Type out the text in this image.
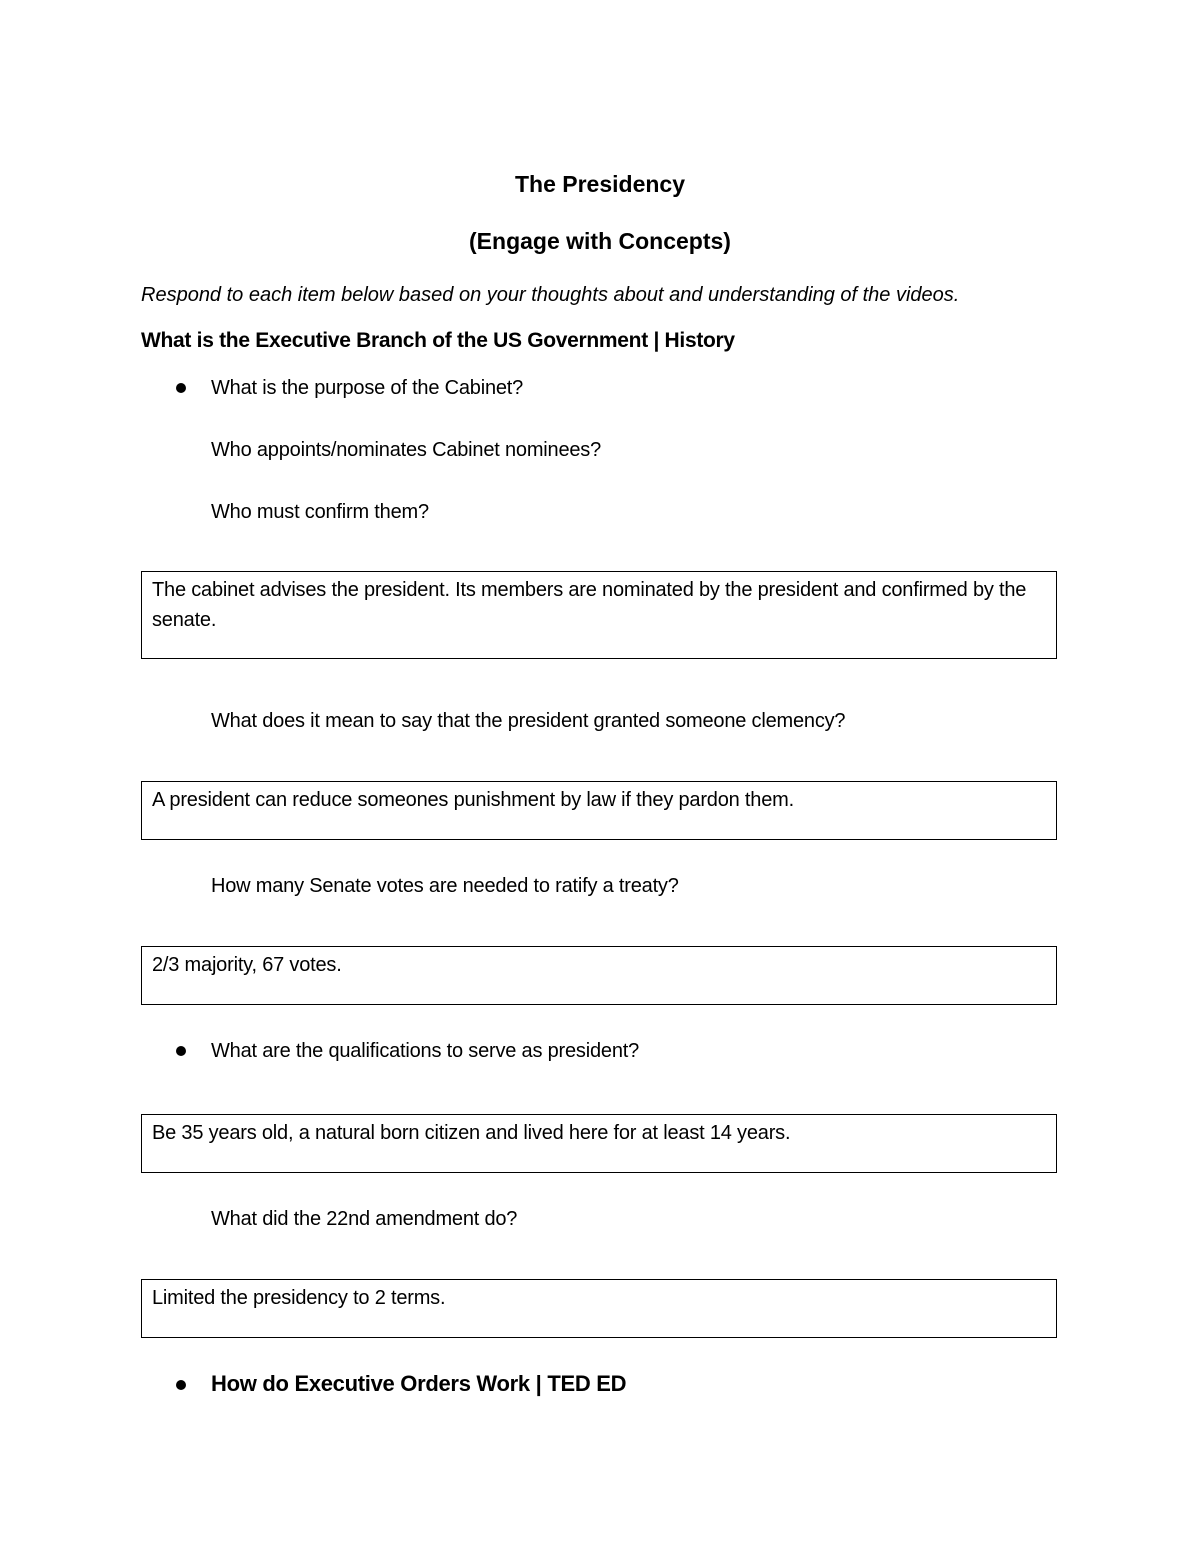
The Presidency
(Engage with Concepts)
Respond to each item below based on your thoughts about and understanding of the videos.
What is the Executive Branch of the US Government | History
What is the purpose of the Cabinet?
Who appoints/nominates Cabinet nominees?
Who must confirm them?
The cabinet advises the president. Its members are nominated by the president and confirmed by the senate.
What does it mean to say that the president granted someone clemency?
A president can reduce someones punishment by law if they pardon them.
How many Senate votes are needed to ratify a treaty?
2/3 majority, 67 votes.
What are the qualifications to serve as president?
Be 35 years old, a natural born citizen and lived here for at least 14 years.
What did the 22nd amendment do?
Limited the presidency to 2 terms.
How do Executive Orders Work | TED ED
